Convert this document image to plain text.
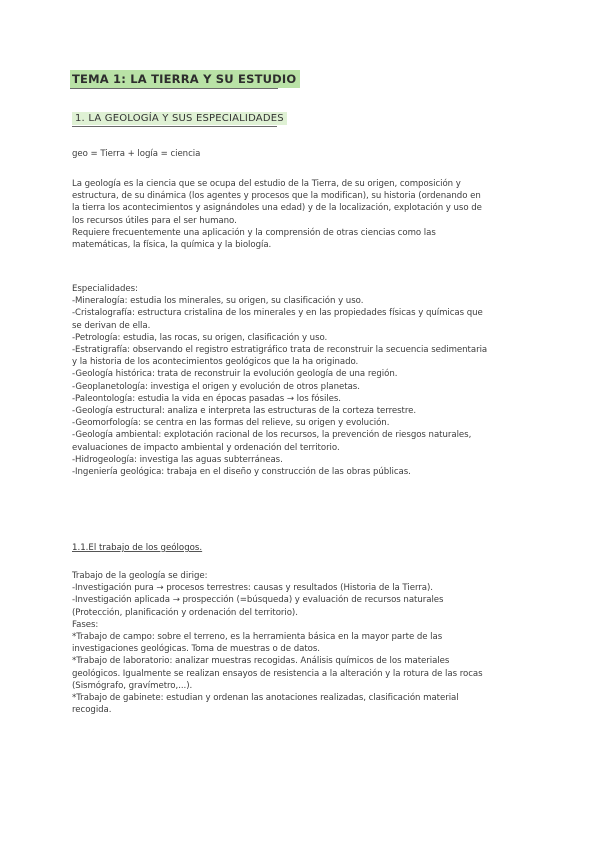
TEMA 1: LA TIERRA Y SU ESTUDIO
1. LA GEOLOGÍA Y SUS ESPECIALIDADES
geo = Tierra + logía = ciencia
La geología es la ciencia que se ocupa del estudio de la Tierra, de su origen, composición y
estructura, de su dinámica (los agentes y procesos que la modifican), su historia (ordenando en
la tierra los acontecimientos y asignándoles una edad) y de la localización, explotación y uso de
los recursos útiles para el ser humano.
Requiere frecuentemente una aplicación y la comprensión de otras ciencias como las
matemáticas, la física, la química y la biología.
Especialidades:
-Mineralogía: estudia los minerales, su origen, su clasificación y uso.
-Cristalografía: estructura cristalina de los minerales y en las propiedades físicas y químicas que
se derivan de ella.
-Petrología: estudia, las rocas, su origen, clasificación y uso.
-Estratigrafía: observando el registro estratigráfico trata de reconstruir la secuencia sedimentaria
y la historia de los acontecimientos geológicos que la ha originado.
-Geología histórica: trata de reconstruir la evolución geología de una región.
-Geoplanetología: investiga el origen y evolución de otros planetas.
-Paleontología: estudia la vida en épocas pasadas → los fósiles.
-Geología estructural: analiza e interpreta las estructuras de la corteza terrestre.
-Geomorfología: se centra en las formas del relieve, su origen y evolución.
-Geología ambiental: explotación racional de los recursos, la prevención de riesgos naturales,
evaluaciones de impacto ambiental y ordenación del territorio.
-Hidrogeología: investiga las aguas subterráneas.
-Ingeniería geológica: trabaja en el diseño y construcción de las obras públicas.
1.1.El trabajo de los geólogos.
Trabajo de la geología se dirige:
-Investigación pura → procesos terrestres: causas y resultados (Historia de la Tierra).
-Investigación aplicada → prospección (=búsqueda) y evaluación de recursos naturales
(Protección, planificación y ordenación del territorio).
Fases:
*Trabajo de campo: sobre el terreno, es la herramienta básica en la mayor parte de las
investigaciones geológicas. Toma de muestras o de datos.
*Trabajo de laboratorio: analizar muestras recogidas. Análisis químicos de los materiales
geológicos. Igualmente se realizan ensayos de resistencia a la alteración y la rotura de las rocas
(Sismógrafo, gravímetro,...).
*Trabajo de gabinete: estudian y ordenan las anotaciones realizadas, clasificación material
recogida.
